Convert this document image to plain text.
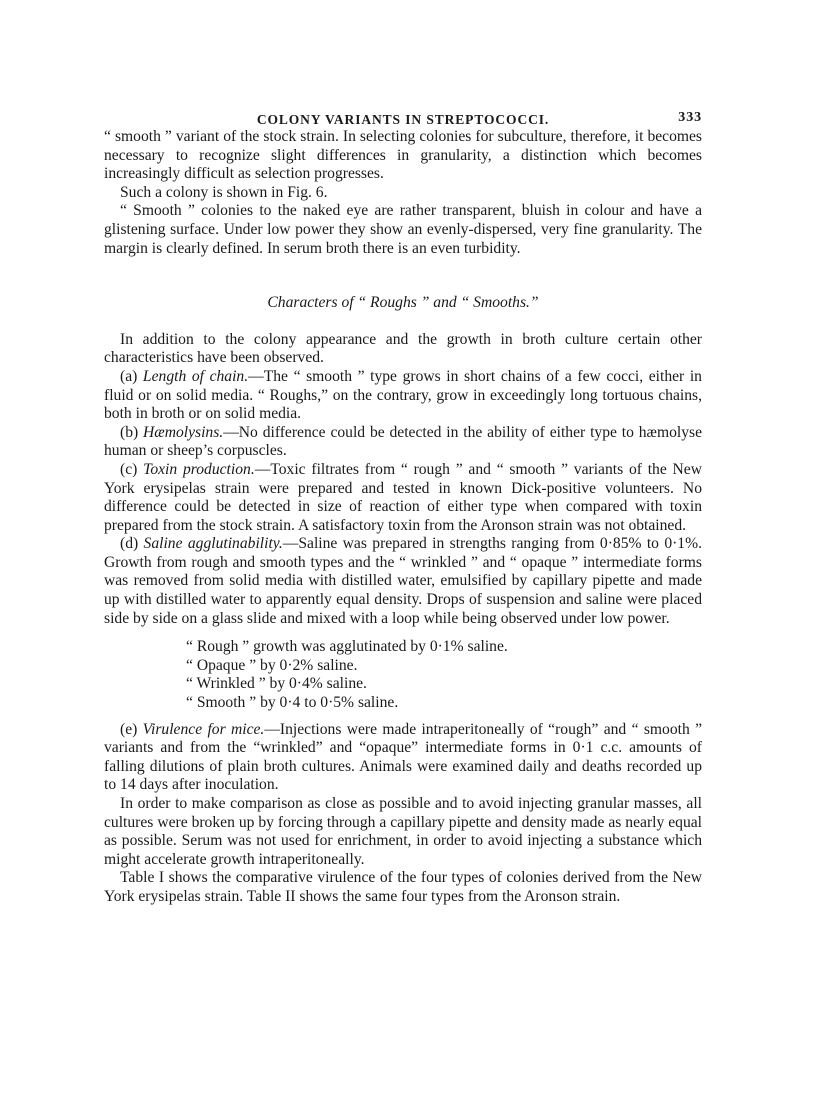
COLONY VARIANTS IN STREPTOCOCCI.	333

“ smooth ” variant of the stock strain. In selecting colonies for subculture, therefore, it becomes necessary to recognize slight differences in granularity, a distinction which becomes increasingly difficult as selection progresses.

Such a colony is shown in Fig. 6.

“ Smooth ” colonies to the naked eye are rather transparent, bluish in colour and have a glistening surface. Under low power they show an evenly-dispersed, very fine granularity. The margin is clearly defined. In serum broth there is an even turbidity.

Characters of “ Roughs ” and “ Smooths.”

In addition to the colony appearance and the growth in broth culture certain other characteristics have been observed.

(a) Length of chain.—The “ smooth ” type grows in short chains of a few cocci, either in fluid or on solid media. “ Roughs,” on the contrary, grow in exceedingly long tortuous chains, both in broth or on solid media.

(b) Hæmolysins.—No difference could be detected in the ability of either type to hæmolyse human or sheep’s corpuscles.

(c) Toxin production.—Toxic filtrates from “ rough ” and “ smooth ” variants of the New York erysipelas strain were prepared and tested in known Dick-positive volunteers. No difference could be detected in size of reaction of either type when compared with toxin prepared from the stock strain. A satisfactory toxin from the Aronson strain was not obtained.

(d) Saline agglutinability.—Saline was prepared in strengths ranging from 0·85% to 0·1%. Growth from rough and smooth types and the “ wrinkled ” and “ opaque ” intermediate forms was removed from solid media with distilled water, emulsified by capillary pipette and made up with distilled water to apparently equal density. Drops of suspension and saline were placed side by side on a glass slide and mixed with a loop while being observed under low power.

“ Rough ” growth was agglutinated by 0·1% saline.
“ Opaque ” by 0·2% saline.
“ Wrinkled ” by 0·4% saline.
“ Smooth ” by 0·4 to 0·5% saline.

(e) Virulence for mice.—Injections were made intraperitoneally of “rough” and “ smooth ” variants and from the “wrinkled” and “opaque” intermediate forms in 0·1 c.c. amounts of falling dilutions of plain broth cultures. Animals were examined daily and deaths recorded up to 14 days after inoculation.

In order to make comparison as close as possible and to avoid injecting granular masses, all cultures were broken up by forcing through a capillary pipette and density made as nearly equal as possible. Serum was not used for enrichment, in order to avoid injecting a substance which might accelerate growth intraperitoneally.

Table I shows the comparative virulence of the four types of colonies derived from the New York erysipelas strain. Table II shows the same four types from the Aronson strain.
